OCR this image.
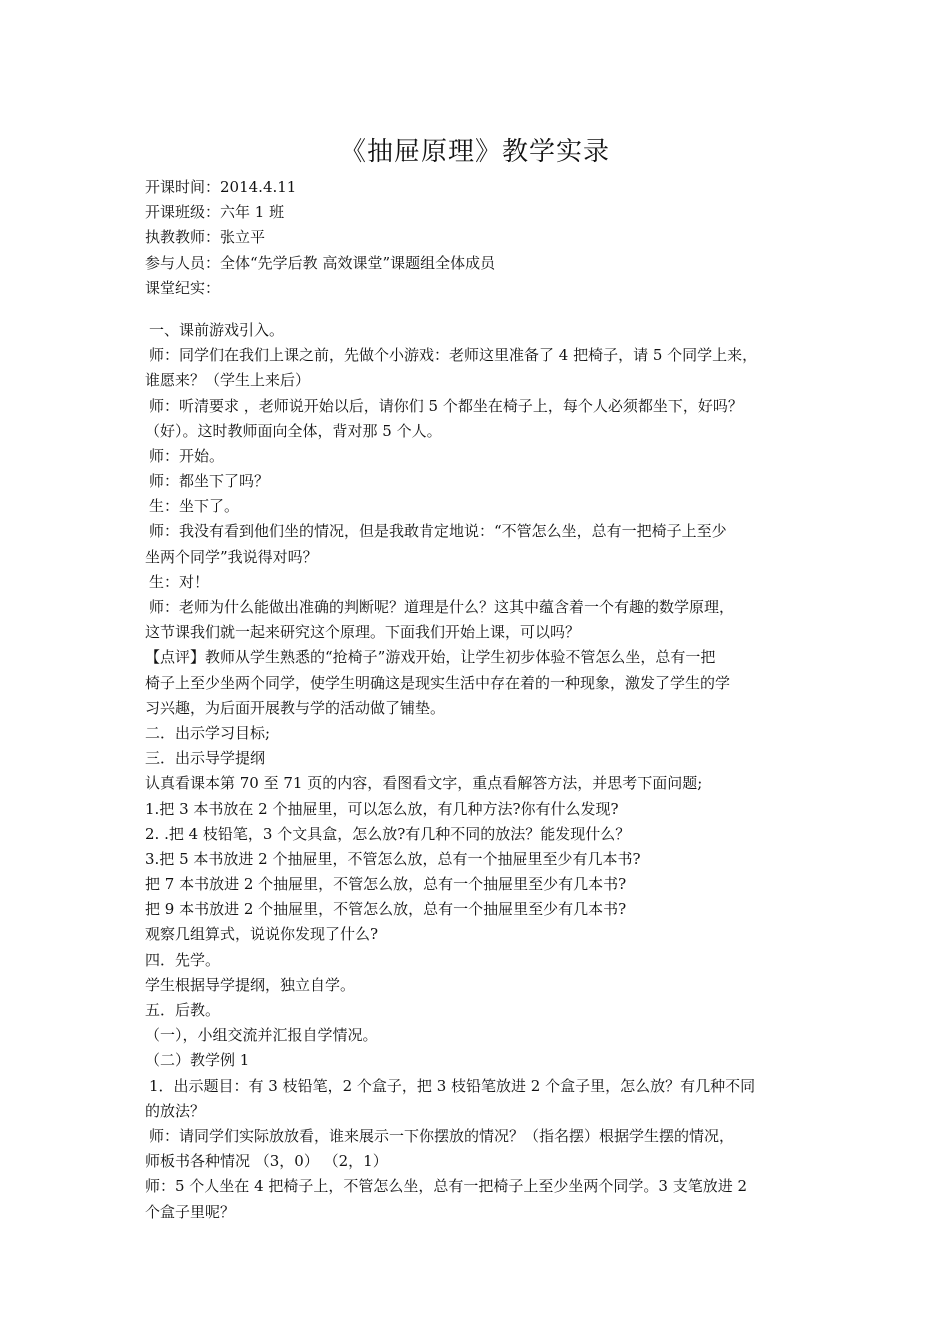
《抽屉原理》教学实录
开课时间：2014.4.11
开课班级：六年 1 班
执教教师：张立平
参与人员：全体“先学后教 高效课堂”课题组全体成员
课堂纪实：
一、课前游戏引入。
师：同学们在我们上课之前，先做个小游戏：老师这里准备了 4 把椅子，请 5 个同学上来，
谁愿来？（学生上来后）
师：听清要求 ，老师说开始以后，请你们 5 个都坐在椅子上，每个人必须都坐下，好吗？
（好）。这时教师面向全体，背对那 5 个人。
师：开始。
师：都坐下了吗？
生：坐下了。
师：我没有看到他们坐的情况，但是我敢肯定地说：“不管怎么坐，总有一把椅子上至少
坐两个同学”我说得对吗？
生：对！
师：老师为什么能做出准确的判断呢？道理是什么？这其中蕴含着一个有趣的数学原理，
这节课我们就一起来研究这个原理。下面我们开始上课，可以吗？
【点评】教师从学生熟悉的“抢椅子”游戏开始，让学生初步体验不管怎么坐，总有一把
椅子上至少坐两个同学，使学生明确这是现实生活中存在着的一种现象，激发了学生的学
习兴趣，为后面开展教与学的活动做了铺垫。
二．出示学习目标;
三．出示导学提纲
认真看课本第 70 至 71 页的内容，看图看文字，重点看解答方法，并思考下面问题;
1.把 3 本书放在 2 个抽屉里，可以怎么放，有几种方法?你有什么发现?
2. .把 4 枝铅笔，3 个文具盒，怎么放?有几种不同的放法？能发现什么？
3.把 5 本书放进 2 个抽屉里，不管怎么放，总有一个抽屉里至少有几本书?
把 7 本书放进 2 个抽屉里，不管怎么放，总有一个抽屉里至少有几本书?
把 9 本书放进 2 个抽屉里，不管怎么放，总有一个抽屉里至少有几本书?
观察几组算式，说说你发现了什么?
四．先学。
学生根据导学提纲，独立自学。
五．后教。
（一），小组交流并汇报自学情况。
（二）教学例 1
1．出示题目：有 3 枝铅笔，2 个盒子，把 3 枝铅笔放进 2 个盒子里，怎么放？有几种不同
的放法？
师：请同学们实际放放看，谁来展示一下你摆放的情况？（指名摆）根据学生摆的情况，
师板书各种情况 （3，0） （2，1）
师：5 个人坐在 4 把椅子上，不管怎么坐，总有一把椅子上至少坐两个同学。3 支笔放进 2
个盒子里呢？
